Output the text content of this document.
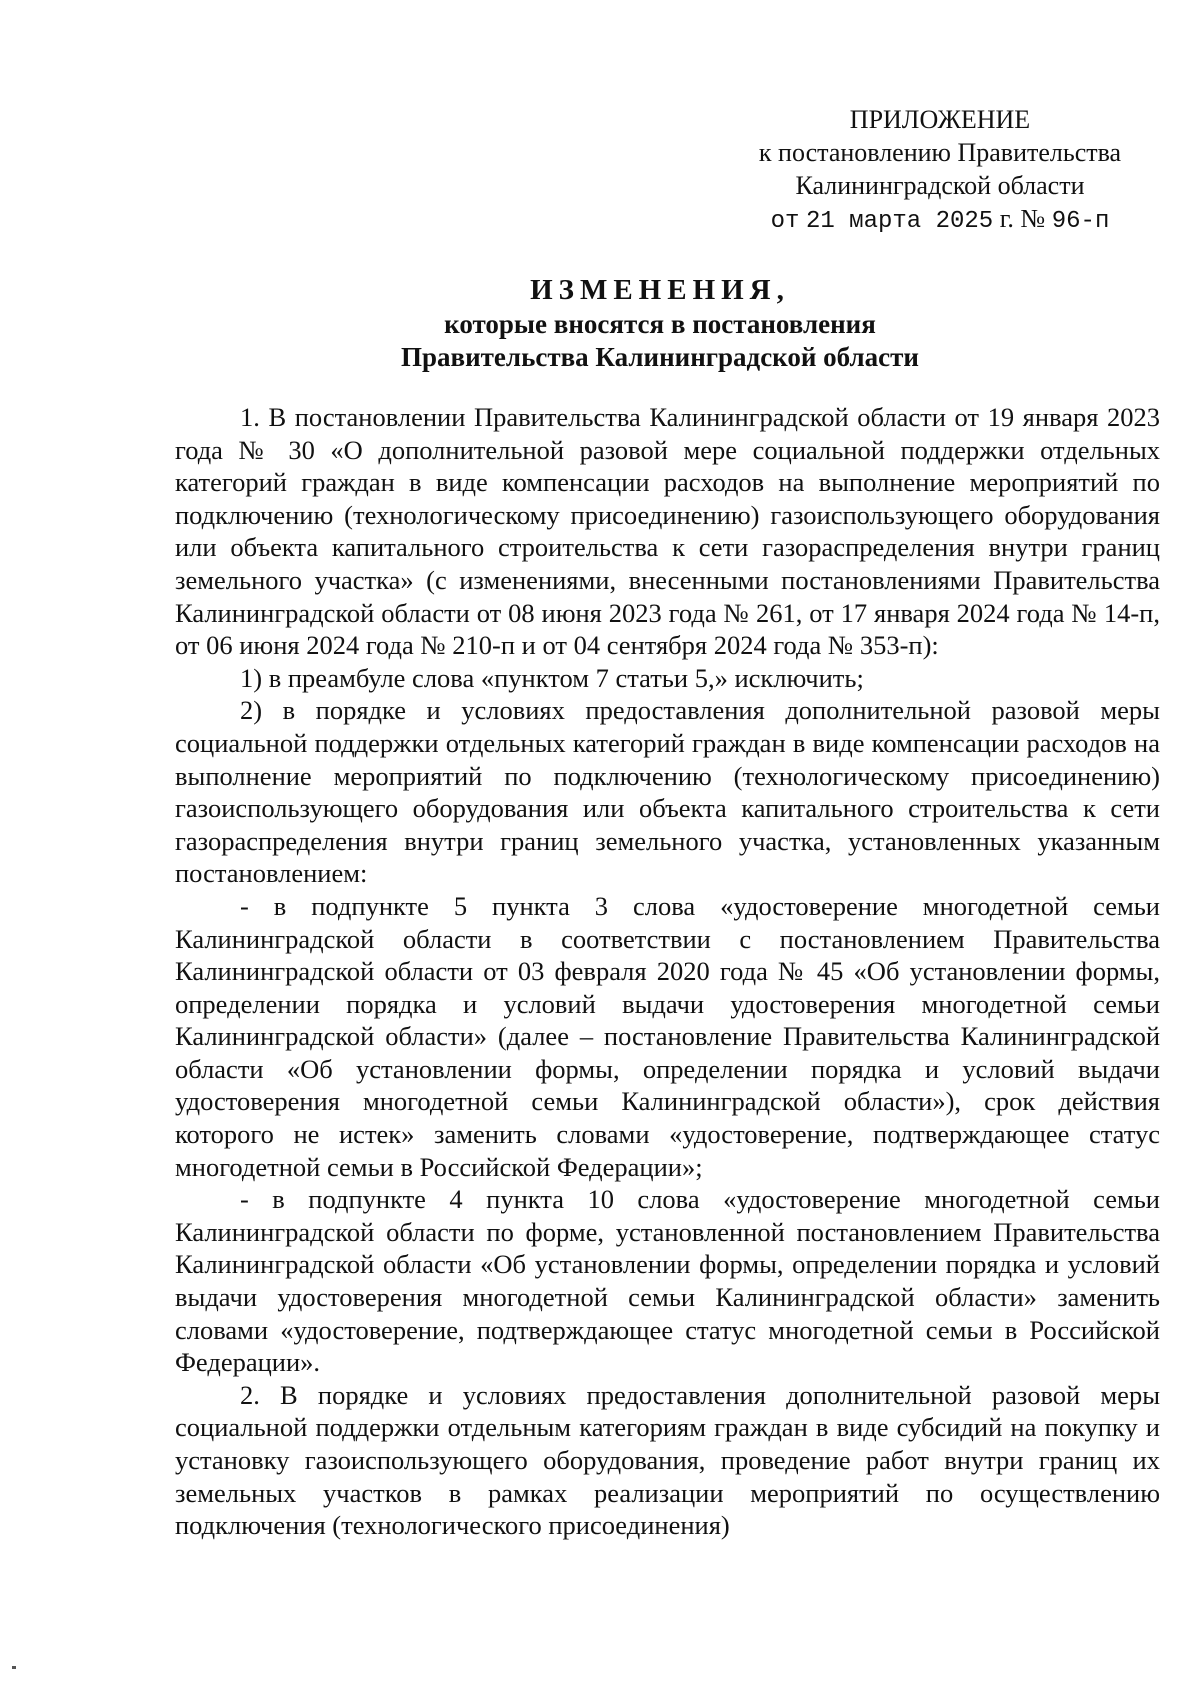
ПРИЛОЖЕНИЕ
к постановлению Правительства
Калининградской области
от 21 марта 2025 г. № 96-п
ИЗМЕНЕНИЯ,
которые вносятся в постановления
Правительства Калининградской области

1. В постановлении Правительства Калининградской области от 19 января 2023 года № 30 «О дополнительной разовой мере социальной поддержки отдельных категорий граждан в виде компенсации расходов на выполнение мероприятий по подключению (технологическому присоединению) газоиспользующего оборудования или объекта капитального строительства к сети газораспределения внутри границ земельного участка» (с изменениями, внесенными постановлениями Правительства Калининградской области от 08 июня 2023 года № 261, от 17 января 2024 года № 14-п, от 06 июня 2024 года № 210-п и от 04 сентября 2024 года № 353-п):

1) в преамбуле слова «пунктом 7 статьи 5,» исключить;

2) в порядке и условиях предоставления дополнительной разовой меры социальной поддержки отдельных категорий граждан в виде компенсации расходов на выполнение мероприятий по подключению (технологическому присоединению) газоиспользующего оборудования или объекта капитального строительства к сети газораспределения внутри границ земельного участка, установленных указанным постановлением:

- в подпункте 5 пункта 3 слова «удостоверение многодетной семьи Калининградской области в соответствии с постановлением Правительства Калининградской области от 03 февраля 2020 года № 45 «Об установлении формы, определении порядка и условий выдачи удостоверения многодетной семьи Калининградской области» (далее – постановление Правительства Калининградской области «Об установлении формы, определении порядка и условий выдачи удостоверения многодетной семьи Калининградской области»), срок действия которого не истек» заменить словами «удостоверение, подтверждающее статус многодетной семьи в Российской Федерации»;

- в подпункте 4 пункта 10 слова «удостоверение многодетной семьи Калининградской области по форме, установленной постановлением Правительства Калининградской области «Об установлении формы, определении порядка и условий выдачи удостоверения многодетной семьи Калининградской области» заменить словами «удостоверение, подтверждающее статус многодетной семьи в Российской Федерации».

2. В порядке и условиях предоставления дополнительной разовой меры социальной поддержки отдельным категориям граждан в виде субсидий на покупку и установку газоиспользующего оборудования, проведение работ внутри границ их земельных участков в рамках реализации мероприятий по осуществлению подключения (технологического присоединения)
